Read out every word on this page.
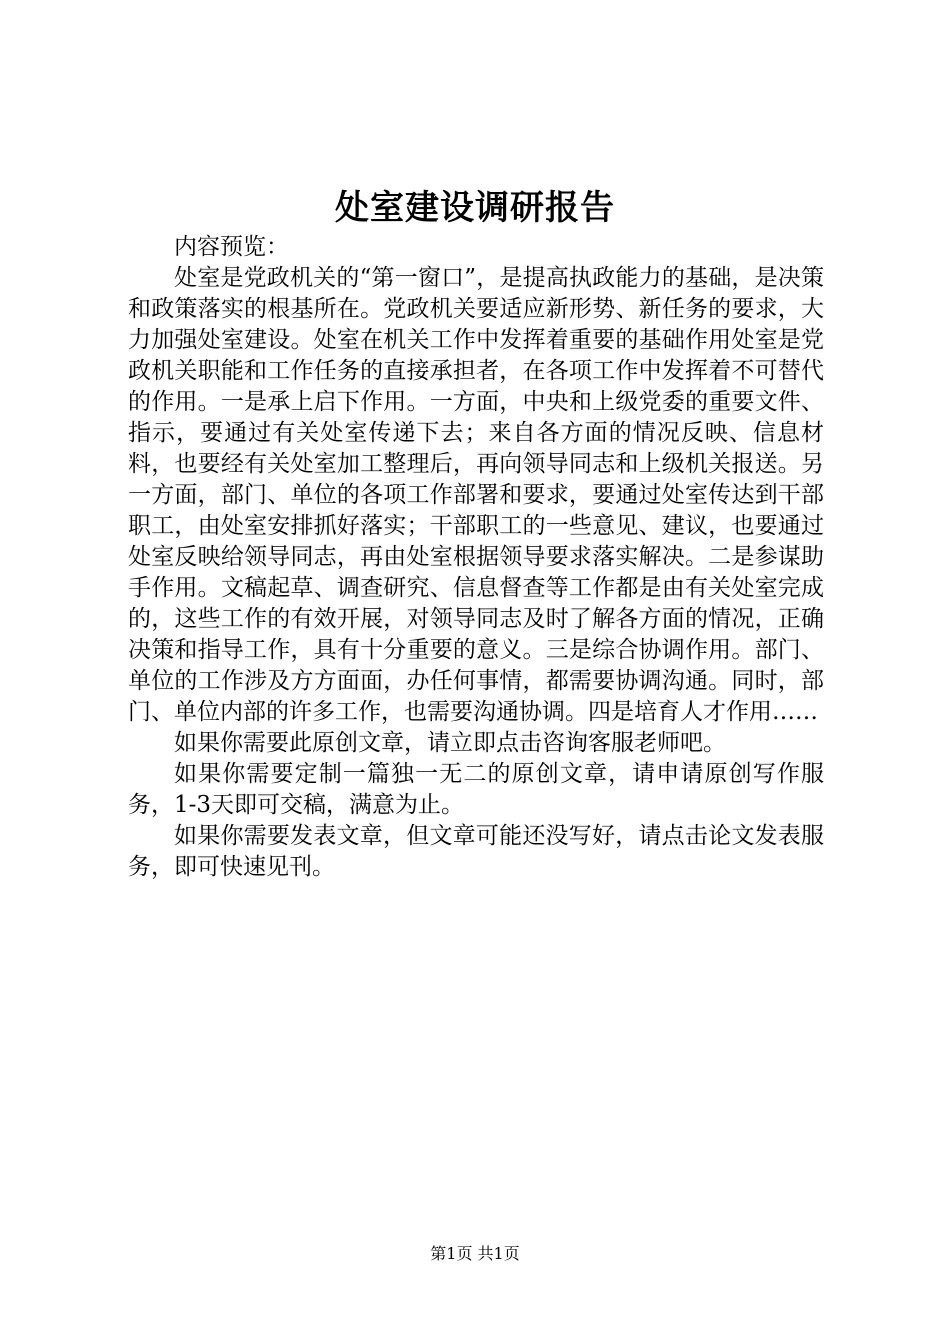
处室建设调研报告

内容预览：

处室是党政机关的“第一窗口”，是提高执政能力的基础，是决策和政策落实的根基所在。党政机关要适应新形势、新任务的要求，大力加强处室建设。处室在机关工作中发挥着重要的基础作用处室是党政机关职能和工作任务的直接承担者，在各项工作中发挥着不可替代的作用。一是承上启下作用。一方面，中央和上级党委的重要文件、指示，要通过有关处室传递下去；来自各方面的情况反映、信息材料，也要经有关处室加工整理后，再向领导同志和上级机关报送。另一方面，部门、单位的各项工作部署和要求，要通过处室传达到干部职工，由处室安排抓好落实；干部职工的一些意见、建议，也要通过处室反映给领导同志，再由处室根据领导要求落实解决。二是参谋助手作用。文稿起草、调查研究、信息督查等工作都是由有关处室完成的，这些工作的有效开展，对领导同志及时了解各方面的情况，正确决策和指导工作，具有十分重要的意义。三是综合协调作用。部门、单位的工作涉及方方面面，办任何事情，都需要协调沟通。同时，部门、单位内部的许多工作，也需要沟通协调。四是培育人才作用……

如果你需要此原创文章，请立即点击咨询客服老师吧。

如果你需要定制一篇独一无二的原创文章，请申请原创写作服务，1-3天即可交稿，满意为止。

如果你需要发表文章，但文章可能还没写好，请点击论文发表服务，即可快速见刊。

第1页 共1页
